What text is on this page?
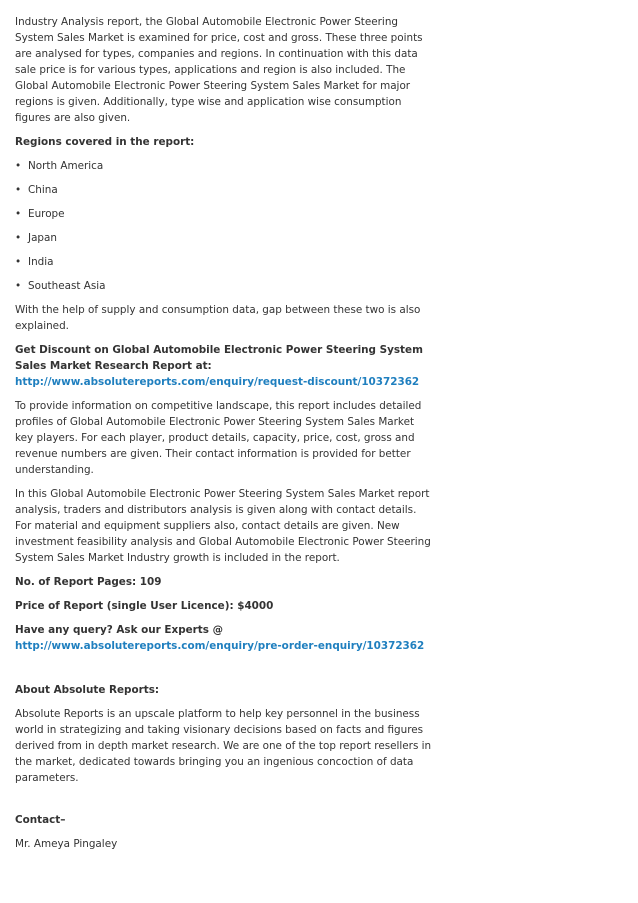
Industry Analysis report, the Global Automobile Electronic Power Steering System Sales Market is examined for price, cost and gross. These three points are analysed for types, companies and regions. In continuation with this data sale price is for various types, applications and region is also included. The Global Automobile Electronic Power Steering System Sales Market for major regions is given. Additionally, type wise and application wise consumption figures are also given.

Regions covered in the report:

• North America
• China
• Europe
• Japan
• India
• Southeast Asia

With the help of supply and consumption data, gap between these two is also explained.

Get Discount on Global Automobile Electronic Power Steering System Sales Market Research Report at:
http://www.absolutereports.com/enquiry/request-discount/10372362

To provide information on competitive landscape, this report includes detailed profiles of Global Automobile Electronic Power Steering System Sales Market key players. For each player, product details, capacity, price, cost, gross and revenue numbers are given. Their contact information is provided for better understanding.

In this Global Automobile Electronic Power Steering System Sales Market report analysis, traders and distributors analysis is given along with contact details. For material and equipment suppliers also, contact details are given. New investment feasibility analysis and Global Automobile Electronic Power Steering System Sales Market Industry growth is included in the report.

No. of Report Pages: 109

Price of Report (single User Licence): $4000

Have any query? Ask our Experts @
http://www.absolutereports.com/enquiry/pre-order-enquiry/10372362

About Absolute Reports:

Absolute Reports is an upscale platform to help key personnel in the business world in strategizing and taking visionary decisions based on facts and figures derived from in depth market research. We are one of the top report resellers in the market, dedicated towards bringing you an ingenious concoction of data parameters.

Contact–

Mr. Ameya Pingaley
